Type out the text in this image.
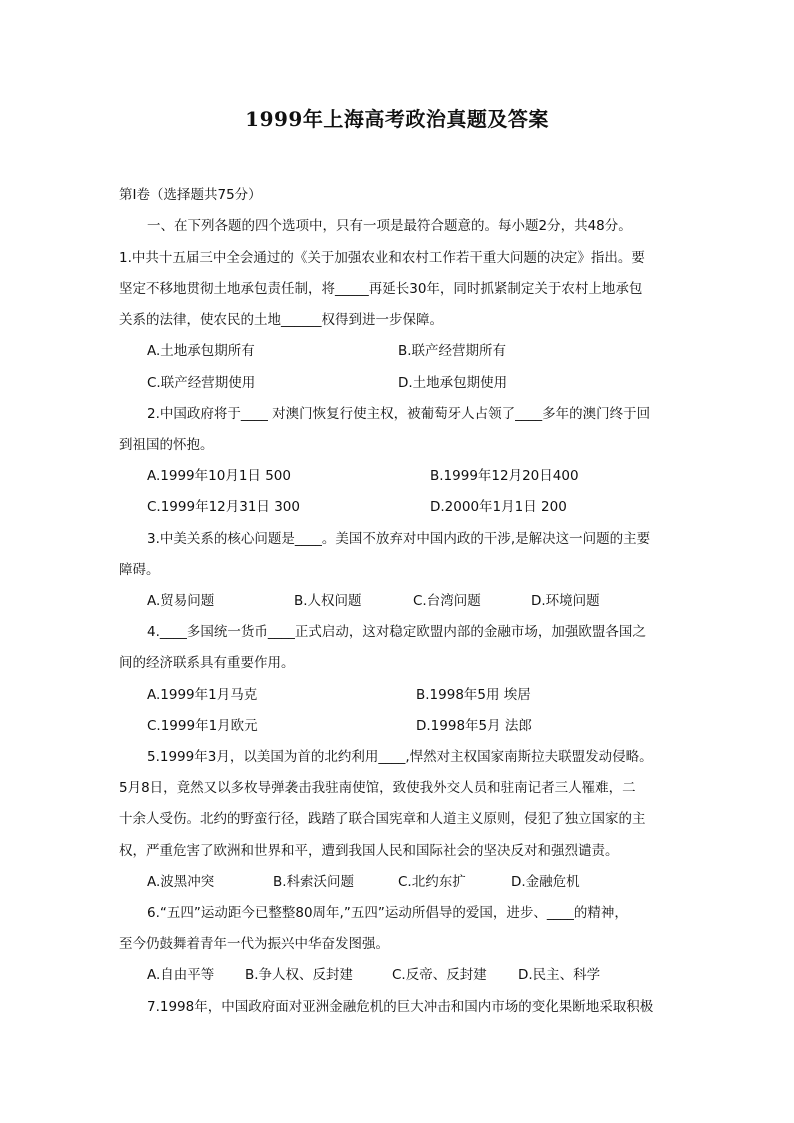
1999年上海高考政治真题及答案
第Ⅰ卷（选择题共75分）
一、在下列各题的四个选项中，只有一项是最符合题意的。每小题2分，共48分。
1.中共十五届三中全会通过的《关于加强农业和农村工作若干重大问题的决定》指出。要
坚定不移地贯彻土地承包责任制，将_____再延长30年，同时抓紧制定关于农村上地承包
关系的法律，使农民的土地______权得到进一步保障。
A.土地承包期所有	B.联产经营期所有
C.联产经营期使用	D.土地承包期使用
2.中国政府将于____ 对澳门恢复行使主权，被葡萄牙人占领了____多年的澳门终于回
到祖国的怀抱。
A.1999年10月1日 500	B.1999年12月20日400
C.1999年12月31日 300	D.2000年1月1日 200
3.中美关系的核心问题是____。美国不放弃对中国内政的干涉,是解决这一问题的主要
障碍。
A.贸易问题	B.人权问题	C.台湾问题	D.环境问题
4.____多国统一货币____正式启动，这对稳定欧盟内部的金融市场，加强欧盟各国之
间的经济联系具有重要作用。
A.1999年1月马克	B.1998年5用 埃居
C.1999年1月欧元	D.1998年5月 法郎
5.1999年3月，以美国为首的北约利用____,悍然对主权国家南斯拉夫联盟发动侵略。
5月8日，竟然又以多枚导弹袭击我驻南使馆，致使我外交人员和驻南记者三人罹难，二
十余人受伤。北约的野蛮行径，践踏了联合国宪章和人道主义原则，侵犯了独立国家的主
权，严重危害了欧洲和世界和平，遭到我国人民和国际社会的坚决反对和强烈谴责。
A.波黑冲突	B.科索沃问题	C.北约东扩	D.金融危机
6.“五四”运动距今已整整80周年,”五四”运动所倡导的爱国，进步、____的精神，
至今仍鼓舞着青年一代为振兴中华奋发图强。
A.自由平等 B.争人权、反封建	C.反帝、反封建 D.民主、科学
7.1998年，中国政府面对亚洲金融危机的巨大冲击和国内市场的变化果断地采取积极
